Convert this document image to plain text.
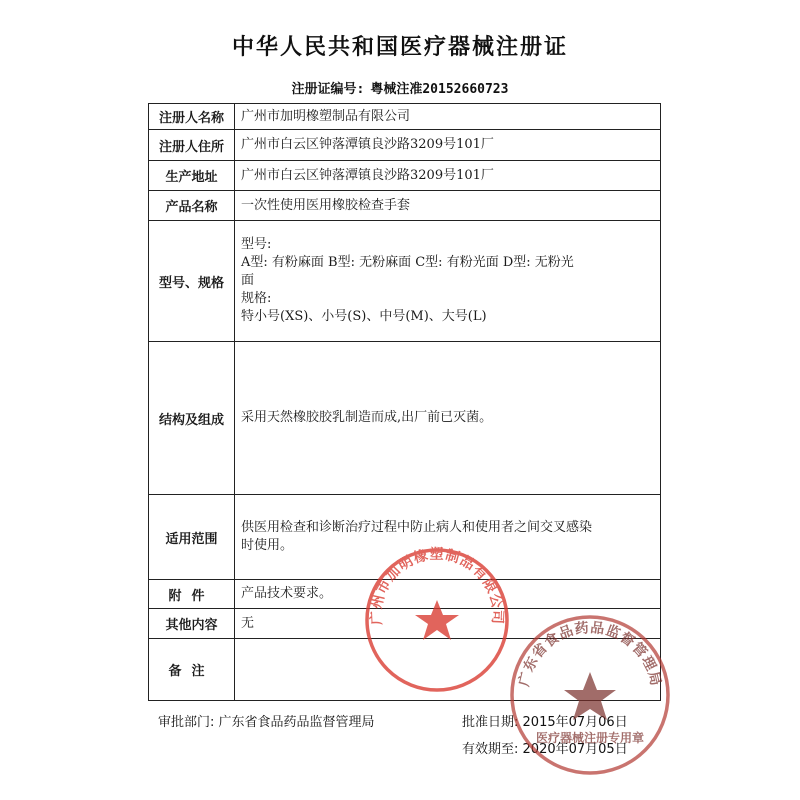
中华人民共和国医疗器械注册证
注册证编号: 粤械注准20152660723
注册人名称	广州市加明橡塑制品有限公司
注册人住所	广州市白云区钟落潭镇良沙路3209号101厂
生产地址	广州市白云区钟落潭镇良沙路3209号101厂
产品名称	一次性使用医用橡胶检查手套
型号、规格	型号:
A型: 有粉麻面 B型: 无粉麻面 C型: 有粉光面 D型: 无粉光
面
规格:
特小号(XS)、小号(S)、中号(M)、大号(L)

结构及组成	采用天然橡胶胶乳制造而成,出厂前已灭菌。
适用范围	供医用检查和诊断治疗过程中防止病人和使用者之间交叉感染
时使用。

附件	产品技术要求。
其他内容	无
备注	
审批部门: 广东省食品药品监督管理局	批准日期: 2015年07月06日
有效期至: 2020年07月05日
广州市加明橡塑制品有限公司
广东省食品药品监督管理局
医疗器械注册专用章
